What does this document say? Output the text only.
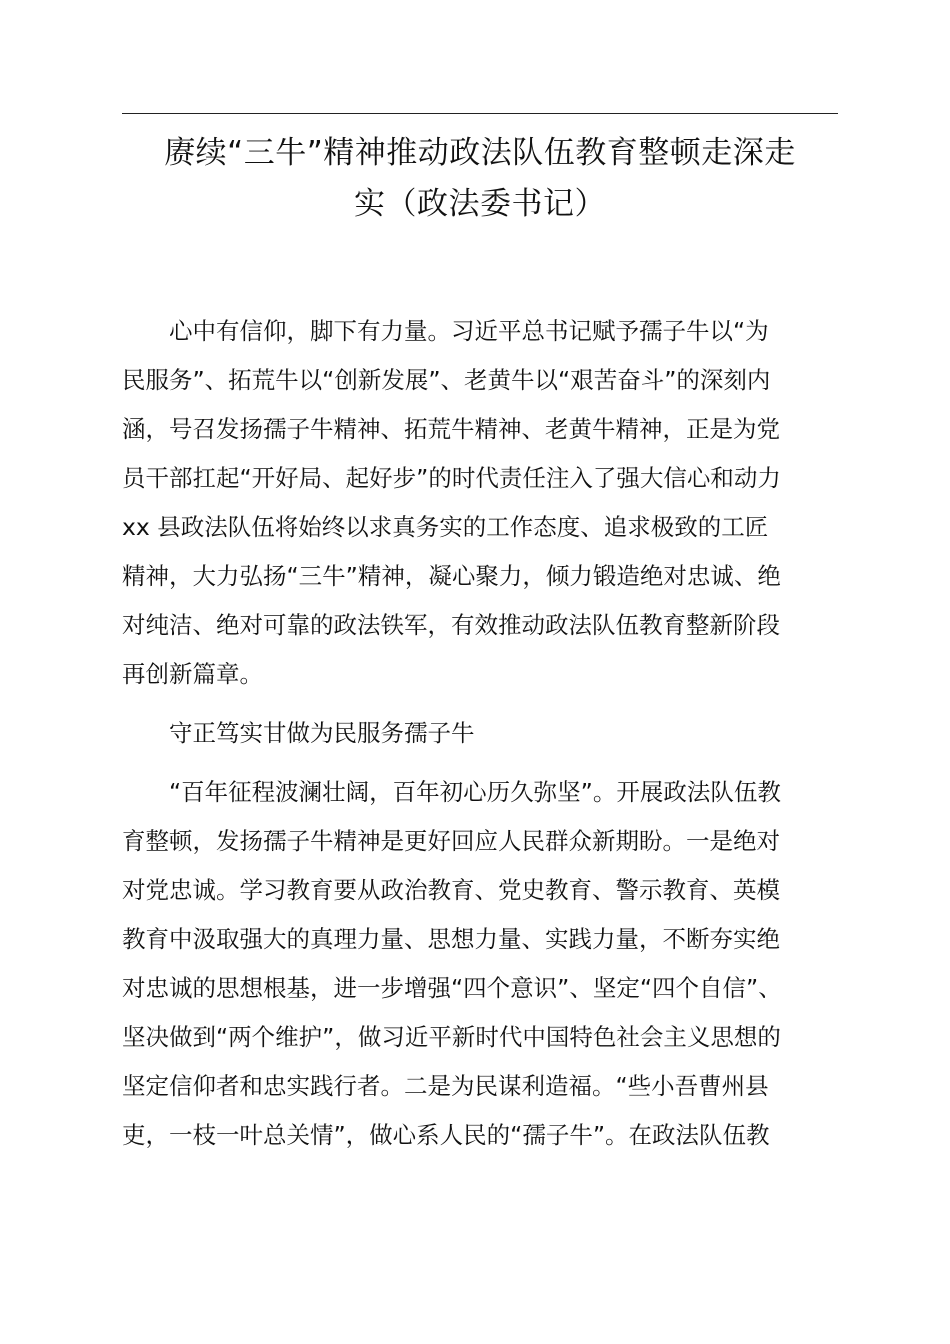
赓续“三牛”精神推动政法队伍教育整顿走深走
实（政法委书记）

心中有信仰，脚下有力量。习近平总书记赋予孺子牛以“为
民服务”、拓荒牛以“创新发展”、老黄牛以“艰苦奋斗”的深刻内
涵，号召发扬孺子牛精神、拓荒牛精神、老黄牛精神，正是为党
员干部扛起“开好局、起好步”的时代责任注入了强大信心和动力
xx 县政法队伍将始终以求真务实的工作态度、追求极致的工匠
精神，大力弘扬“三牛”精神，凝心聚力，倾力锻造绝对忠诚、绝
对纯洁、绝对可靠的政法铁军，有效推动政法队伍教育整新阶段
再创新篇章。

守正笃实甘做为民服务孺子牛

“百年征程波澜壮阔，百年初心历久弥坚”。开展政法队伍教
育整顿，发扬孺子牛精神是更好回应人民群众新期盼。一是绝对
对党忠诚。学习教育要从政治教育、党史教育、警示教育、英模
教育中汲取强大的真理力量、思想力量、实践力量，不断夯实绝
对忠诚的思想根基，进一步增强“四个意识”、坚定“四个自信”、
坚决做到“两个维护”，做习近平新时代中国特色社会主义思想的
坚定信仰者和忠实践行者。二是为民谋利造福。“些小吾曹州县
吏，一枝一叶总关情”，做心系人民的“孺子牛”。在政法队伍教
